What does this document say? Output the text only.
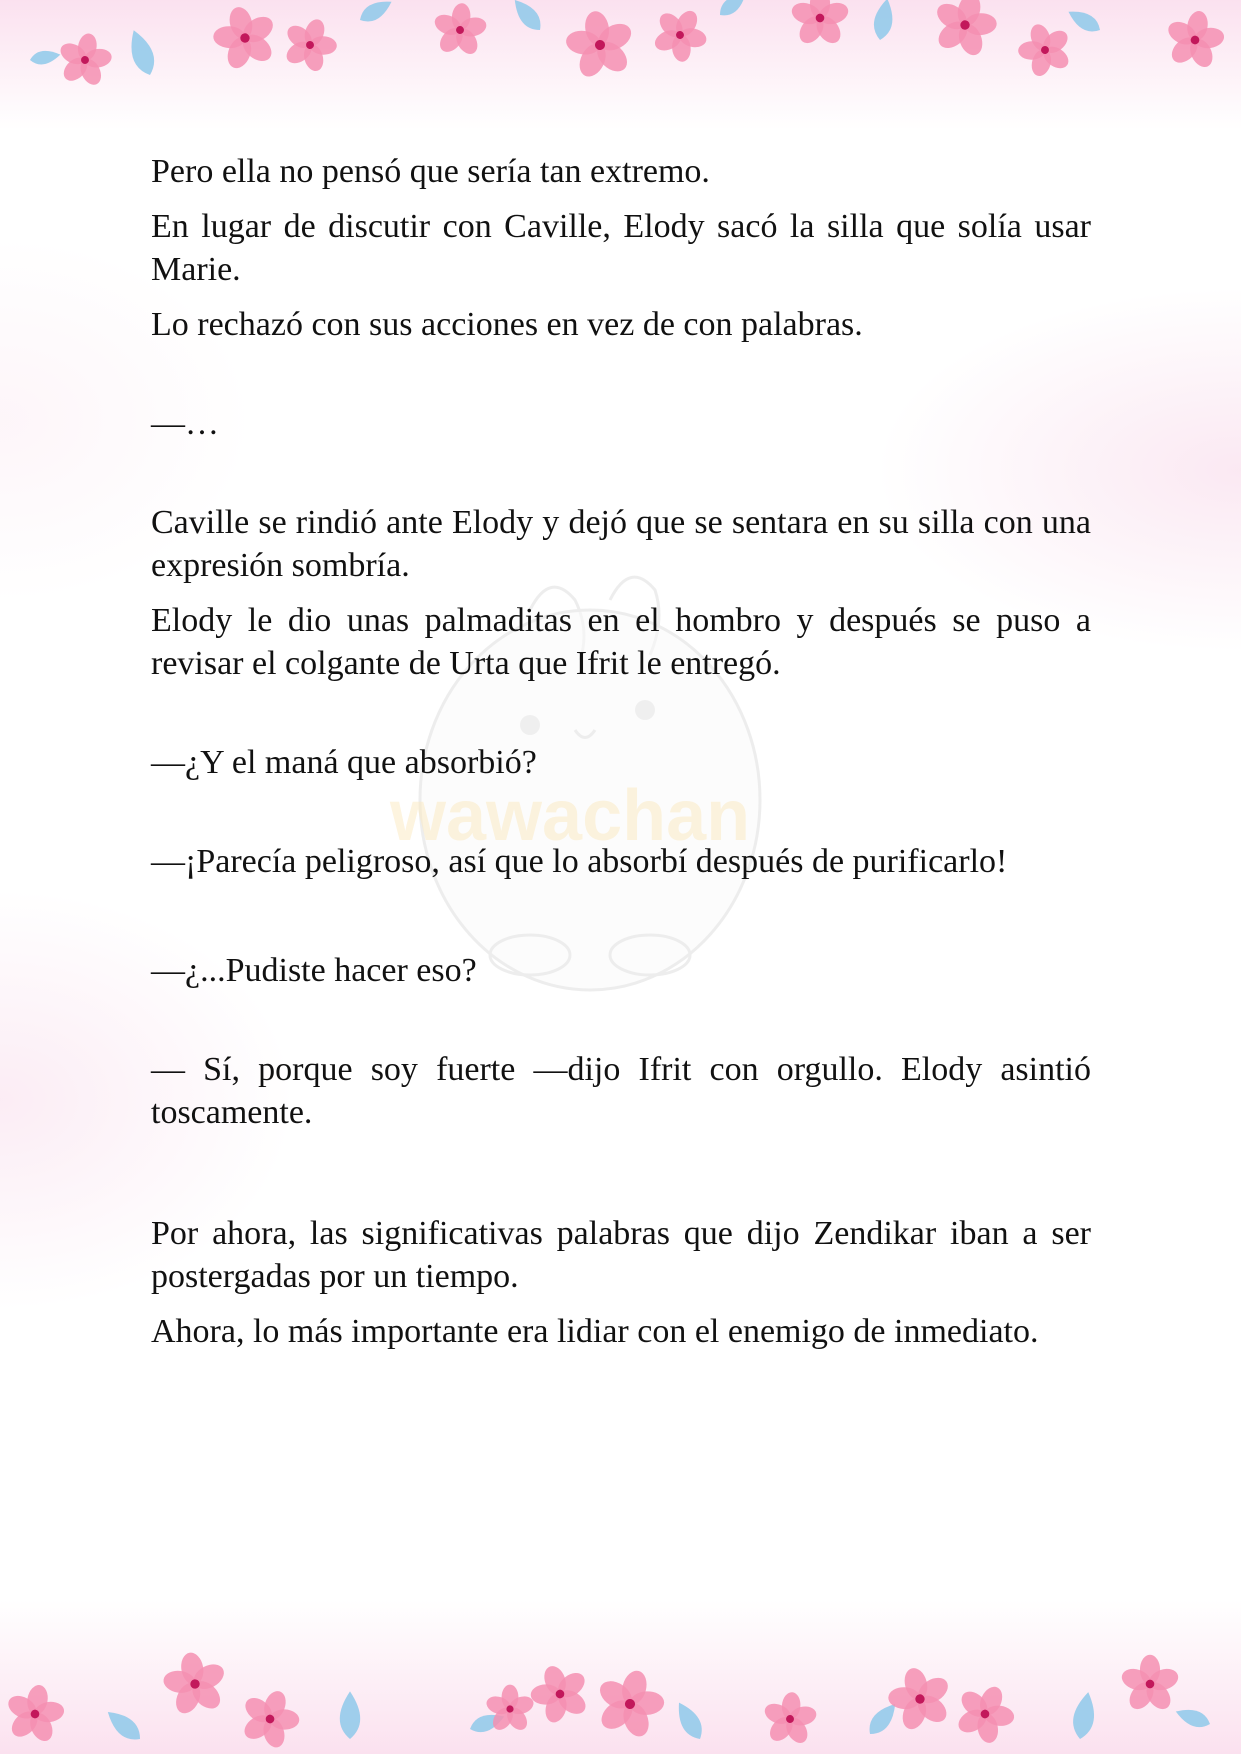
wawachan

Pero ella no pensó que sería tan extremo.

En lugar de discutir con Caville, Elody sacó la silla que solía usar Marie.

Lo rechazó con sus acciones en vez de con palabras.

—…

Caville se rindió ante Elody y dejó que se sentara en su silla con una expresión sombría.

Elody le dio unas palmaditas en el hombro y después se puso a revisar el colgante de Urta que Ifrit le entregó.

—¿Y el maná que absorbió?

—¡Parecía peligroso, así que lo absorbí después de purificarlo!

—¿...Pudiste hacer eso?

— Sí, porque soy fuerte —dijo Ifrit con orgullo. Elody asintió toscamente.

Por ahora, las significativas palabras que dijo Zendikar iban a ser postergadas por un tiempo.

Ahora, lo más importante era lidiar con el enemigo de inmediato.
